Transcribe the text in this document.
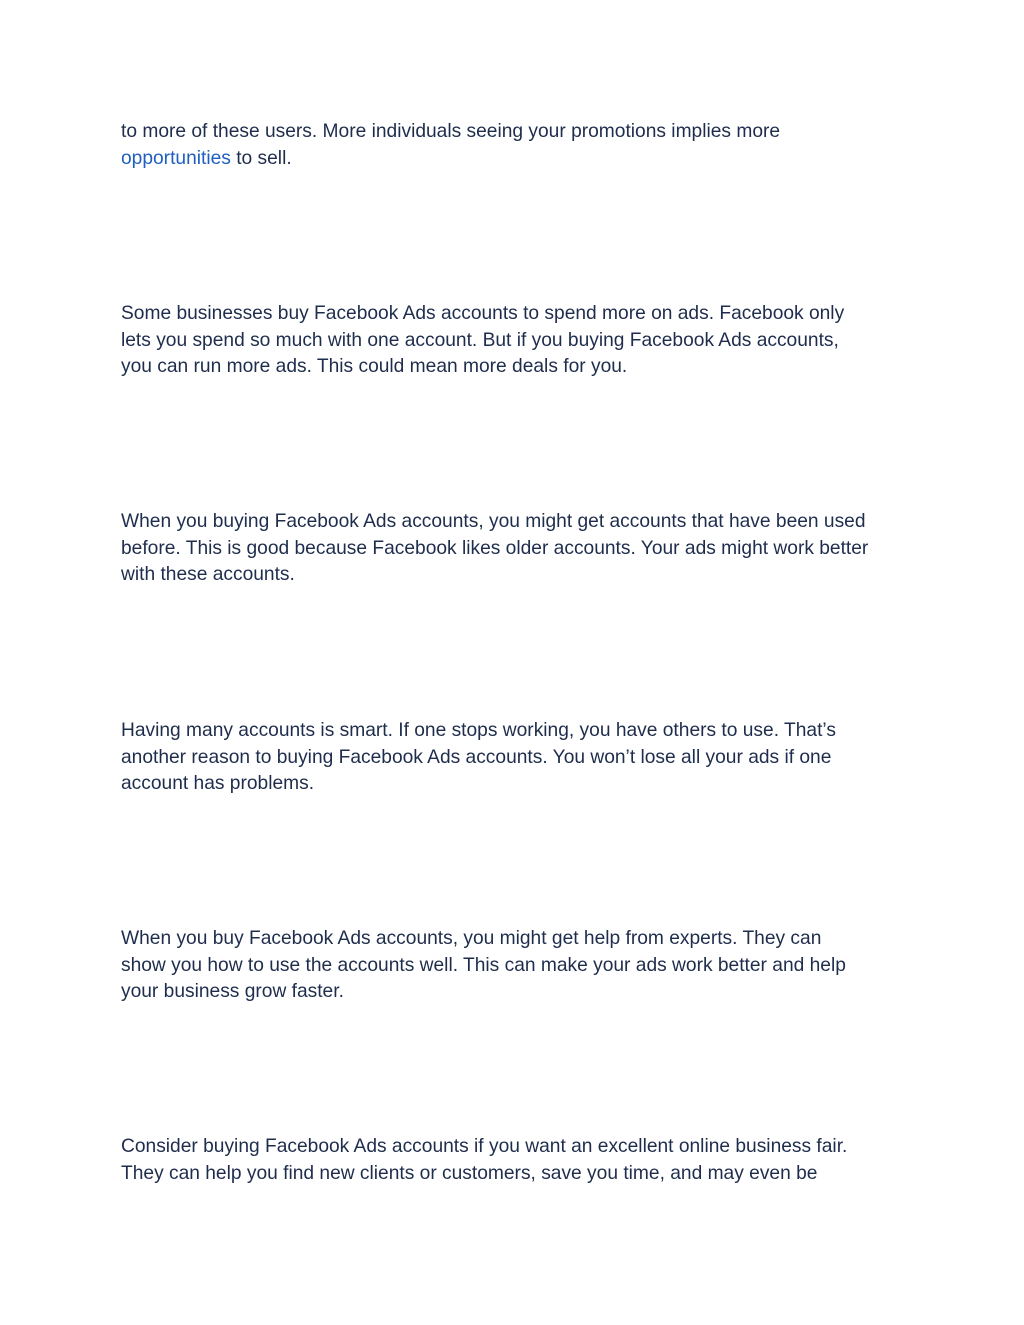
to more of these users. More individuals seeing your promotions implies more
opportunities to sell.

Some businesses buy Facebook Ads accounts to spend more on ads. Facebook only
lets you spend so much with one account. But if you buying Facebook Ads accounts,
you can run more ads. This could mean more deals for you.

When you buying Facebook Ads accounts, you might get accounts that have been used
before. This is good because Facebook likes older accounts. Your ads might work better
with these accounts.

Having many accounts is smart. If one stops working, you have others to use. That’s
another reason to buying Facebook Ads accounts. You won’t lose all your ads if one
account has problems.

When you buy Facebook Ads accounts, you might get help from experts. They can
show you how to use the accounts well. This can make your ads work better and help
your business grow faster.

Consider buying Facebook Ads accounts if you want an excellent online business fair.
They can help you find new clients or customers, save you time, and may even be
